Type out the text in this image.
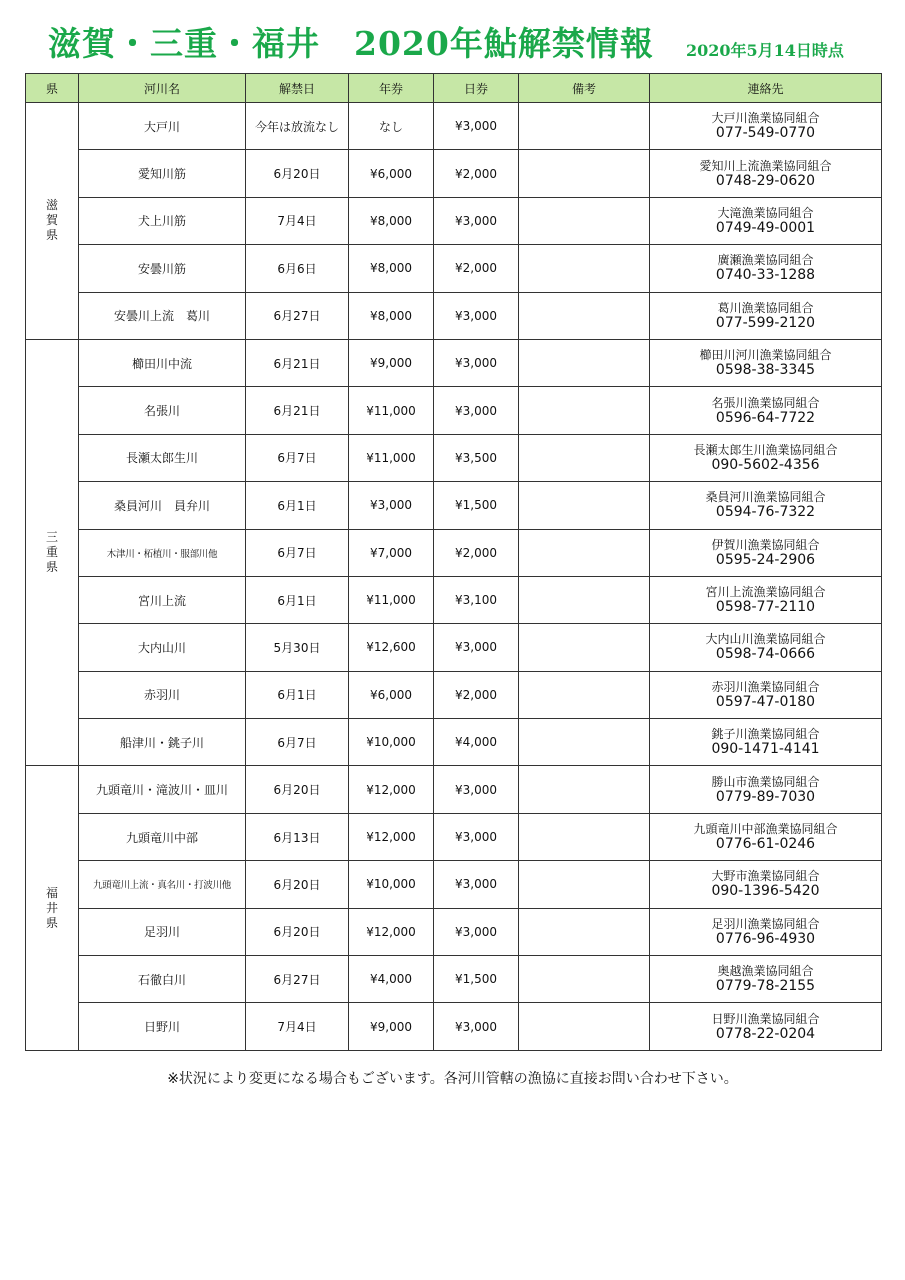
滋賀・三重・福井　2020年鮎解禁情報 2020年5月14日時点
県	河川名	解禁日	年券	日券	備考	連絡先
滋
賀
県	大戸川	今年は放流なし	なし	¥3,000		大戸川漁業協同組合
077-549-0770

	愛知川筋	6月20日	¥6,000	¥2,000		愛知川上流漁業協同組合
0748-29-0620

	犬上川筋	7月4日	¥8,000	¥3,000		大滝漁業協同組合
0749-49-0001

	安曇川筋	6月6日	¥8,000	¥2,000		廣瀬漁業協同組合
0740-33-1288

	安曇川上流　葛川	6月27日	¥8,000	¥3,000		葛川漁業協同組合
077-599-2120

三
重
県	櫛田川中流	6月21日	¥9,000	¥3,000		櫛田川河川漁業協同組合
0598-38-3345

	名張川	6月21日	¥11,000	¥3,000		名張川漁業協同組合
0596-64-7722

	長瀬太郎生川	6月7日	¥11,000	¥3,500		長瀬太郎生川漁業協同組合
090-5602-4356

	桑員河川　員弁川	6月1日	¥3,000	¥1,500		桑員河川漁業協同組合
0594-76-7322

	木津川・柘植川・服部川他	6月7日	¥7,000	¥2,000		伊賀川漁業協同組合
0595-24-2906

	宮川上流	6月1日	¥11,000	¥3,100		宮川上流漁業協同組合
0598-77-2110

	大内山川	5月30日	¥12,600	¥3,000		大内山川漁業協同組合
0598-74-0666

	赤羽川	6月1日	¥6,000	¥2,000		赤羽川漁業協同組合
0597-47-0180

	船津川・銚子川	6月7日	¥10,000	¥4,000		銚子川漁業協同組合
090-1471-4141

福
井
県	九頭竜川・滝波川・皿川	6月20日	¥12,000	¥3,000		勝山市漁業協同組合
0779-89-7030

	九頭竜川中部	6月13日	¥12,000	¥3,000		九頭竜川中部漁業協同組合
0776-61-0246

	九頭竜川上流・真名川・打波川他	6月20日	¥10,000	¥3,000		大野市漁業協同組合
090-1396-5420

	足羽川	6月20日	¥12,000	¥3,000		足羽川漁業協同組合
0776-96-4930

	石徹白川	6月27日	¥4,000	¥1,500		奥越漁業協同組合
0779-78-2155

	日野川	7月4日	¥9,000	¥3,000		日野川漁業協同組合
0778-22-0204
※状況により変更になる場合もございます。各河川管轄の漁協に直接お問い合わせ下さい。
